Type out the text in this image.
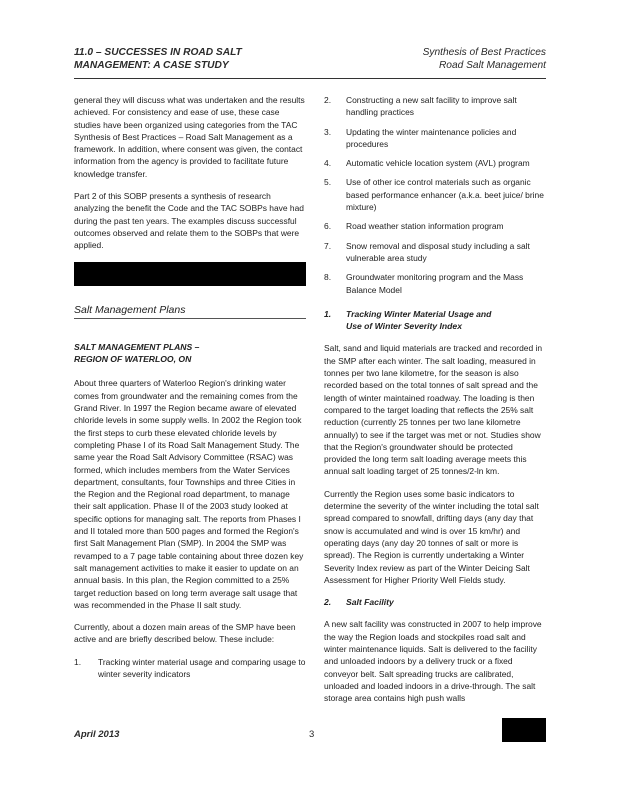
11.0 – SUCCESSES IN ROAD SALT
MANAGEMENT: A CASE STUDY
Synthesis of Best Practices
Road Salt Management

general they will discuss what was undertaken and the results achieved. For consistency and ease of use, these case studies have been organized using categories from the TAC Synthesis of Best Practices – Road Salt Management as a framework. In addition, where consent was given, the contact information from the agency is provided to facilitate future knowledge transfer.

Part 2 of this SOBP presents a synthesis of research analyzing the benefit the Code and the TAC SOBPs have had during the past ten years. The examples discuss successful outcomes observed and relate them to the SOBPs that were applied.

Salt Management Plans
SALT MANAGEMENT PLANS –
REGION OF WATERLOO, ON

About three quarters of Waterloo Region's drinking water comes from groundwater and the remaining comes from the Grand River. In 1997 the Region became aware of elevated chloride levels in some supply wells. In 2002 the Region took the first steps to curb these elevated chloride levels by completing Phase I of its Road Salt Management Study. The same year the Road Salt Advisory Committee (RSAC) was formed, which includes members from the Water Services department, consultants, four Townships and three Cities in the Region and the Regional road department, to manage their salt application. Phase II of the 2003 study looked at specific options for managing salt. The reports from Phases I and II totaled more than 500 pages and formed the Region's first Salt Management Plan (SMP). In 2004 the SMP was revamped to a 7 page table containing about three dozen key salt management activities to make it easier to update on an annual basis. In this plan, the Region committed to a 25% target reduction based on long term average salt usage that was recommended in the Phase II salt study.

Currently, about a dozen main areas of the SMP have been active and are briefly described below. These include:

1. Tracking winter material usage and comparing usage to winter severity indicators
2. Constructing a new salt facility to improve salt handling practices
3. Updating the winter maintenance policies and procedures
4. Automatic vehicle location system (AVL) program
5. Use of other ice control materials such as organic based performance enhancer (a.k.a. beet juice/ brine mixture)
6. Road weather station information program
7. Snow removal and disposal study including a salt vulnerable area study
8. Groundwater monitoring program and the Mass Balance Model
1. Tracking Winter Material Usage and
Use of Winter Severity Index

Salt, sand and liquid materials are tracked and recorded in the SMP after each winter. The salt loading, measured in tonnes per two lane kilometre, for the season is also recorded based on the total tonnes of salt spread and the length of winter maintained roadway. The loading is then compared to the target loading that reflects the 25% salt reduction (currently 25 tonnes per two lane kilometre annually) to see if the target was met or not. Studies show that the Region's groundwater should be protected provided the long term salt loading average meets this annual salt loading target of 25 tonnes/2-ln km.

Currently the Region uses some basic indicators to determine the severity of the winter including the total salt spread compared to snowfall, drifting days (any day that snow is accumulated and wind is over 15 km/hr) and operating days (any day 20 tonnes of salt or more is spread). The Region is currently undertaking a Winter Severity Index review as part of the Winter Deicing Salt Assessment for Higher Priority Well Fields study.

2. Salt Facility

A new salt facility was constructed in 2007 to help improve the way the Region loads and stockpiles road salt and winter maintenance liquids. Salt is delivered to the facility and unloaded indoors by a delivery truck or a fixed conveyor belt. Salt spreading trucks are calibrated, unloaded and loaded indoors in a drive-through. The salt storage area contains high push walls

April 2013	3
